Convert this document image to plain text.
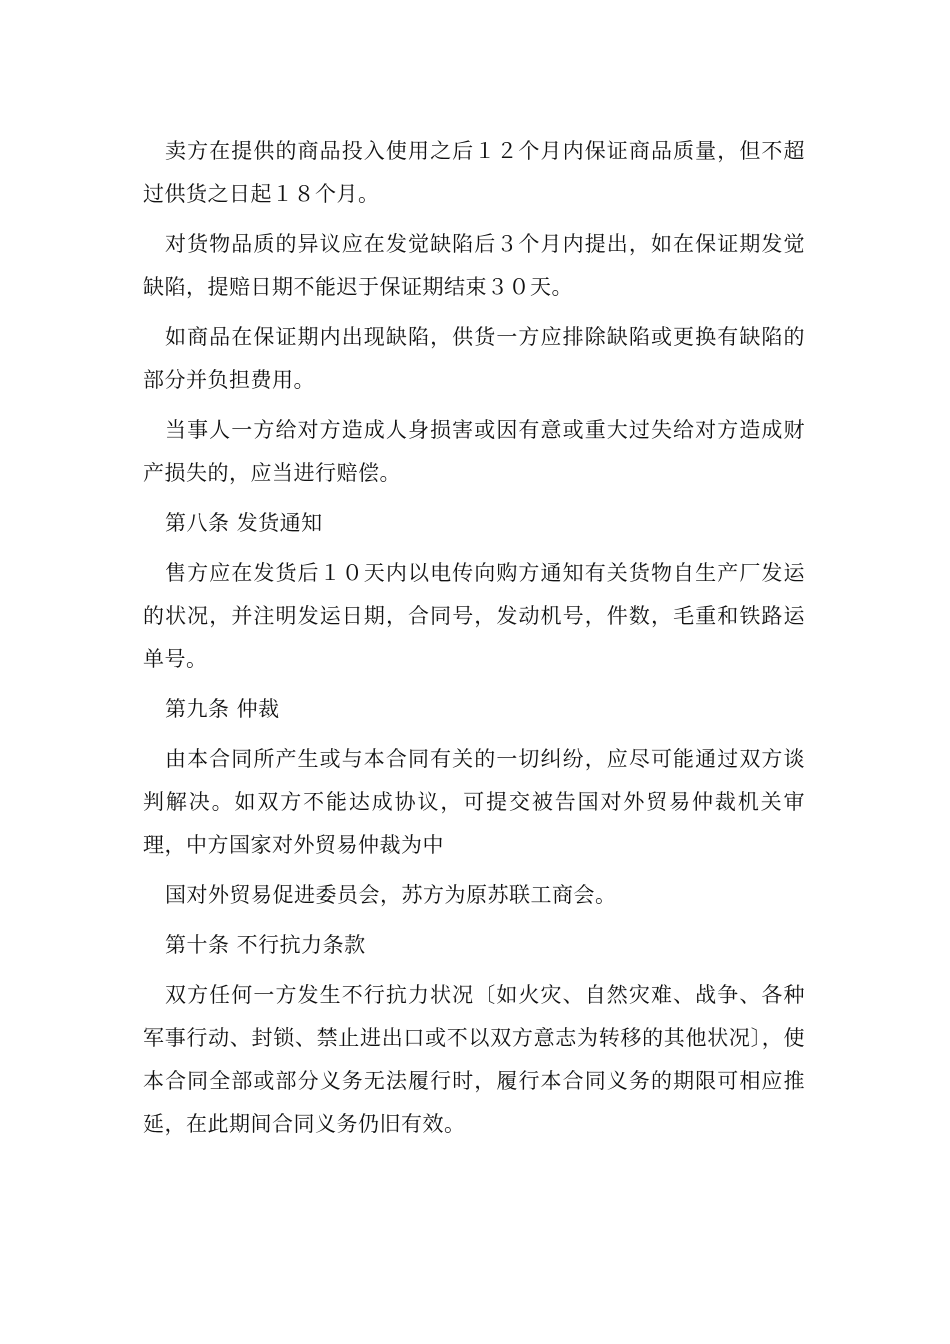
卖方在提供的商品投入使用之后１２个月内保证商品质量，但不超过供货之日起１８个月。

对货物品质的异议应在发觉缺陷后３个月内提出，如在保证期发觉缺陷，提赔日期不能迟于保证期结束３０天。

如商品在保证期内出现缺陷，供货一方应排除缺陷或更换有缺陷的部分并负担费用。

当事人一方给对方造成人身损害或因有意或重大过失给对方造成财产损失的，应当进行赔偿。

第八条 发货通知

售方应在发货后１０天内以电传向购方通知有关货物自生产厂发运的状况，并注明发运日期，合同号，发动机号，件数，毛重和铁路运单号。

第九条 仲裁

由本合同所产生或与本合同有关的一切纠纷，应尽可能通过双方谈判解决。如双方不能达成协议，可提交被告国对外贸易仲裁机关审理，中方国家对外贸易仲裁为中

国对外贸易促进委员会，苏方为原苏联工商会。

第十条 不行抗力条款

双方任何一方发生不行抗力状况〔如火灾、自然灾难、战争、各种军事行动、封锁、禁止进出口或不以双方意志为转移的其他状况〕，使本合同全部或部分义务无法履行时，履行本合同义务的期限可相应推延，在此期间合同义务仍旧有效。
